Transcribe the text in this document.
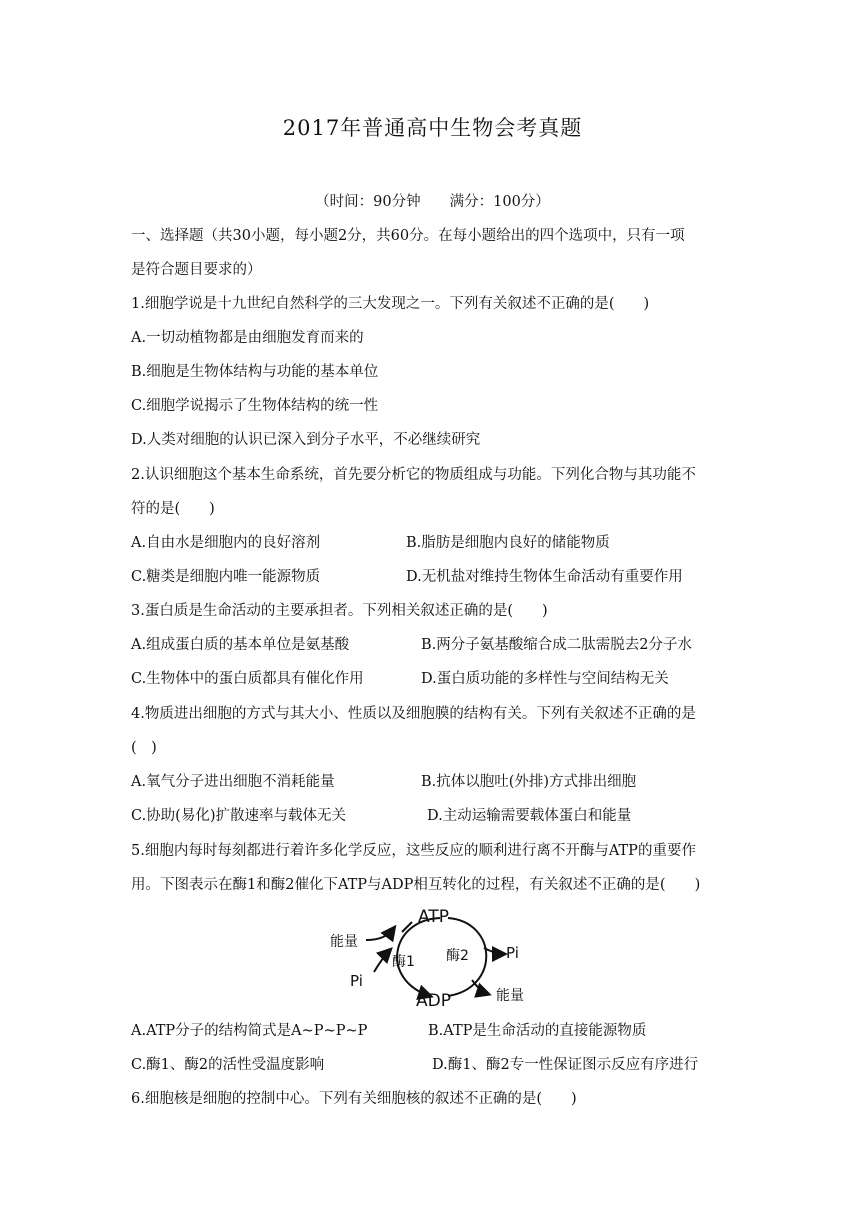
2017年普通高中生物会考真题
（时间：90分钟　　满分：100分）
一、选择题（共30小题，每小题2分，共60分。在每小题给出的四个选项中，只有一项
是符合题目要求的）
1.细胞学说是十九世纪自然科学的三大发现之一。下列有关叙述不正确的是(　　)
A.一切动植物都是由细胞发育而来的
B.细胞是生物体结构与功能的基本单位
C.细胞学说揭示了生物体结构的统一性
D.人类对细胞的认识已深入到分子水平，不必继续研究
2.认识细胞这个基本生命系统，首先要分析它的物质组成与功能。下列化合物与其功能不
符的是(　　)
A.自由水是细胞内的良好溶剂	B.脂肪是细胞内良好的储能物质
C.糖类是细胞内唯一能源物质	D.无机盐对维持生物体生命活动有重要作用
3.蛋白质是生命活动的主要承担者。下列相关叙述正确的是(　　)
A.组成蛋白质的基本单位是氨基酸	B.两分子氨基酸缩合成二肽需脱去2分子水
C.生物体中的蛋白质都具有催化作用	D.蛋白质功能的多样性与空间结构无关
4.物质进出细胞的方式与其大小、性质以及细胞膜的结构有关。下列有关叙述不正确的是
(　)
A.氧气分子进出细胞不消耗能量	B.抗体以胞吐(外排)方式排出细胞
C.协助(易化)扩散速率与载体无关	D.主动运输需要载体蛋白和能量
5.细胞内每时每刻都进行着许多化学反应，这些反应的顺利进行离不开酶与ATP的重要作
用。下图表示在酶1和酶2催化下ATP与ADP相互转化的过程，有关叙述不正确的是(　　)
ATP
ADP
酶1 酶2
能量
能量
Pi
Pi
A.ATP分子的结构简式是A~P~P~P	B.ATP是生命活动的直接能源物质
C.酶1、酶2的活性受温度影响	D.酶1、酶2专一性保证图示反应有序进行
6.细胞核是细胞的控制中心。下列有关细胞核的叙述不正确的是(　　)
